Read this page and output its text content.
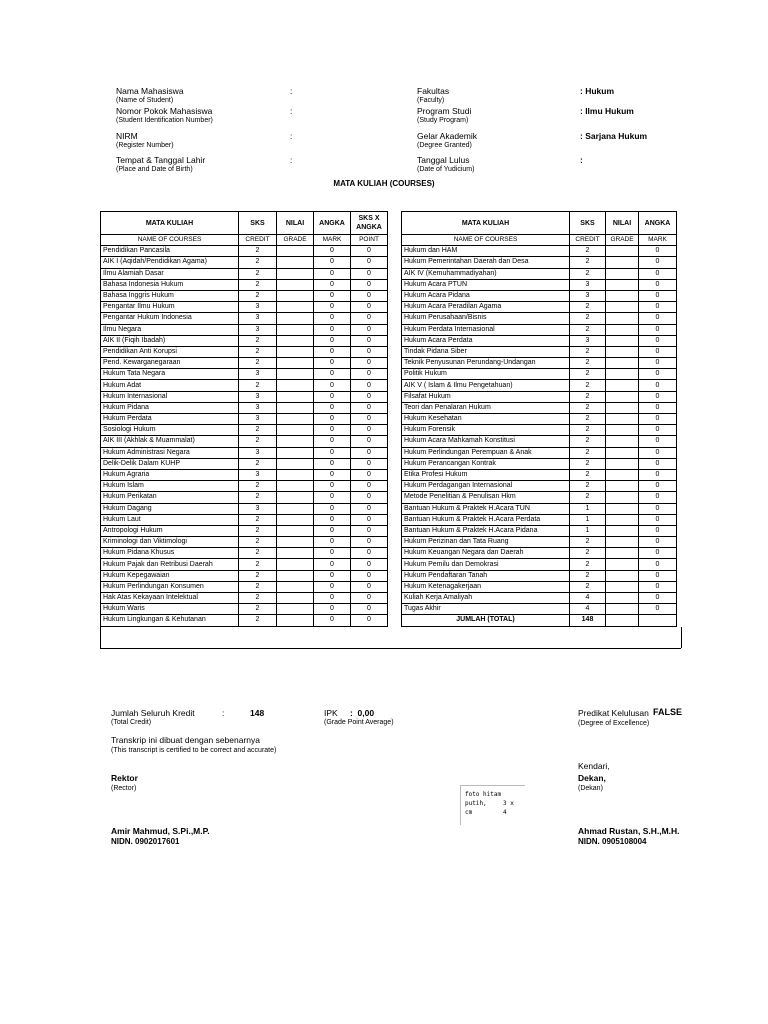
Nama Mahasiswa
(Name of Student)
:
Nomor Pokok Mahasiswa
(Student Identification Number)
:
NIRM
(Register Number)
:
Tempat & Tanggal Lahir
(Place and Date of Birth)
:
Fakultas
(Faculty)
: Hukum
Program Studi
(Study Program)
: Ilmu Hukum
Gelar Akademik
(Degree Granted)
: Sarjana Hukum
Tanggal Lulus
(Date of Yudicium)
:
MATA KULIAH (COURSES)
MATA KULIAH	SKS	NILAI	ANGKA	SKS X ANGKA
NAME OF COURSES	CREDIT	GRADE	MARK	POINT
Pendidikan Pancasila	2		0	0
AIK I (Aqidah/Pendidikan Agama)	2		0	0
Ilmu Alamiah Dasar	2		0	0
Bahasa Indonesia Hukum	2		0	0
Bahasa Inggris Hukum	2		0	0
Pengantar Ilmu Hukum	3		0	0
Pengantar Hukum Indonesia	3		0	0
Ilmu Negara	3		0	0
AIK II (Fiqih Ibadah)	2		0	0
Pendidikan Anti Korupsi	2		0	0
Pend. Kewarganegaraan	2		0	0
Hukum Tata Negara	3		0	0
Hukum Adat	2		0	0
Hukum Internasional	3		0	0
Hukum Pidana	3		0	0
Hukum Perdata	3		0	0
Sosiologi Hukum	2		0	0
AIK III (Akhlak & Muammalat)	2		0	0
Hukum Administrasi Negara	3		0	0
Delik-Delik Dalam KUHP	2		0	0
Hukum Agraria	3		0	0
Hukum Islam	2		0	0
Hukum Perikatan	2		0	0
Hukum Dagang	3		0	0
Hukum Laut	2		0	0
Antropologi Hukum	2		0	0
Kriminologi dan Viktimologi	2		0	0
Hukum Pidana Khusus	2		0	0
Hukum Pajak dan Retribusi Daerah	2		0	0
Hukum Kepegawaian	2		0	0
Hukum Perlindungan Konsumen	2		0	0
Hak Atas Kekayaan Intelektual	2		0	0
Hukum Waris	2		0	0
Hukum Lingkungan & Kehutanan	2		0	0
MATA KULIAH	SKS	NILAI	ANGKA
NAME OF COURSES	CREDIT	GRADE	MARK
Hukum dan HAM	2		0
Hukum Pemerintahan Daerah dan Desa	2		0
AIK IV (Kemuhammadiyahan)	2		0
Hukum Acara PTUN	3		0
Hukum Acara Pidana	3		0
Hukum Acara Peradilan Agama	2		0
Hukum Perusahaan/Bisnis	2		0
Hukum Perdata Internasional	2		0
Hukum Acara Perdata	3		0
Tindak Pidana Siber	2		0
Teknik Penyusunan Perundang-Undangan	2		0
Politik Hukum	2		0
AIK V ( Islam & Ilmu Pengetahuan)	2		0
Filsafat Hukum	2		0
Teori dan Penalaran Hukum	2		0
Hukum Kesehatan	2		0
Hukum Forensik	2		0
Hukum Acara Mahkamah Konstitusi	2		0
Hukum Perlindungan Perempuan & Anak	2		0
Hukum Perancangan Kontrak	2		0
Etika Profesi Hukum	2		0
Hukum Perdagangan Internasional	2		0
Metode Penelitian & Penulisan Hkm	2		0
Bantuan Hukum & Praktek H.Acara TUN	1		0
Bantuan Hukum & Praktek H.Acara Perdata	1		0
Bantuan Hukum & Praktek H.Acara Pidana	1		0
Hukum Perizinan dan Tata Ruang	2		0
Hukum Keuangan Negara dan Daerah	2		0
Hukum Pemilu dan Demokrasi	2		0
Hukum Pendaftaran Tanah	2		0
Hukum Ketenagakerjaan	2		0
Kuliah Kerja Amaliyah	4		0
Tugas Akhir	4		0
JUMLAH (TOTAL)	148		
Jumlah Seluruh Kredit	:	148
(Total Credit)
IPK :  0,00
(Grade Point Average)
Predikat Kelulusan FALSE
(Degree of Excellence)
Transkrip ini dibuat dengan sebenarnya
(This transcript is certified to be correct and accurate)
Kendari,
Rektor
(Rector)
Dekan,
(Dekan)
foto hitam
putih,	3 x 4
cm
Amir Mahmud, S.Pi.,M.P.
NIDN. 0902017601
Ahmad Rustan, S.H.,M.H.
NIDN. 0905108004
